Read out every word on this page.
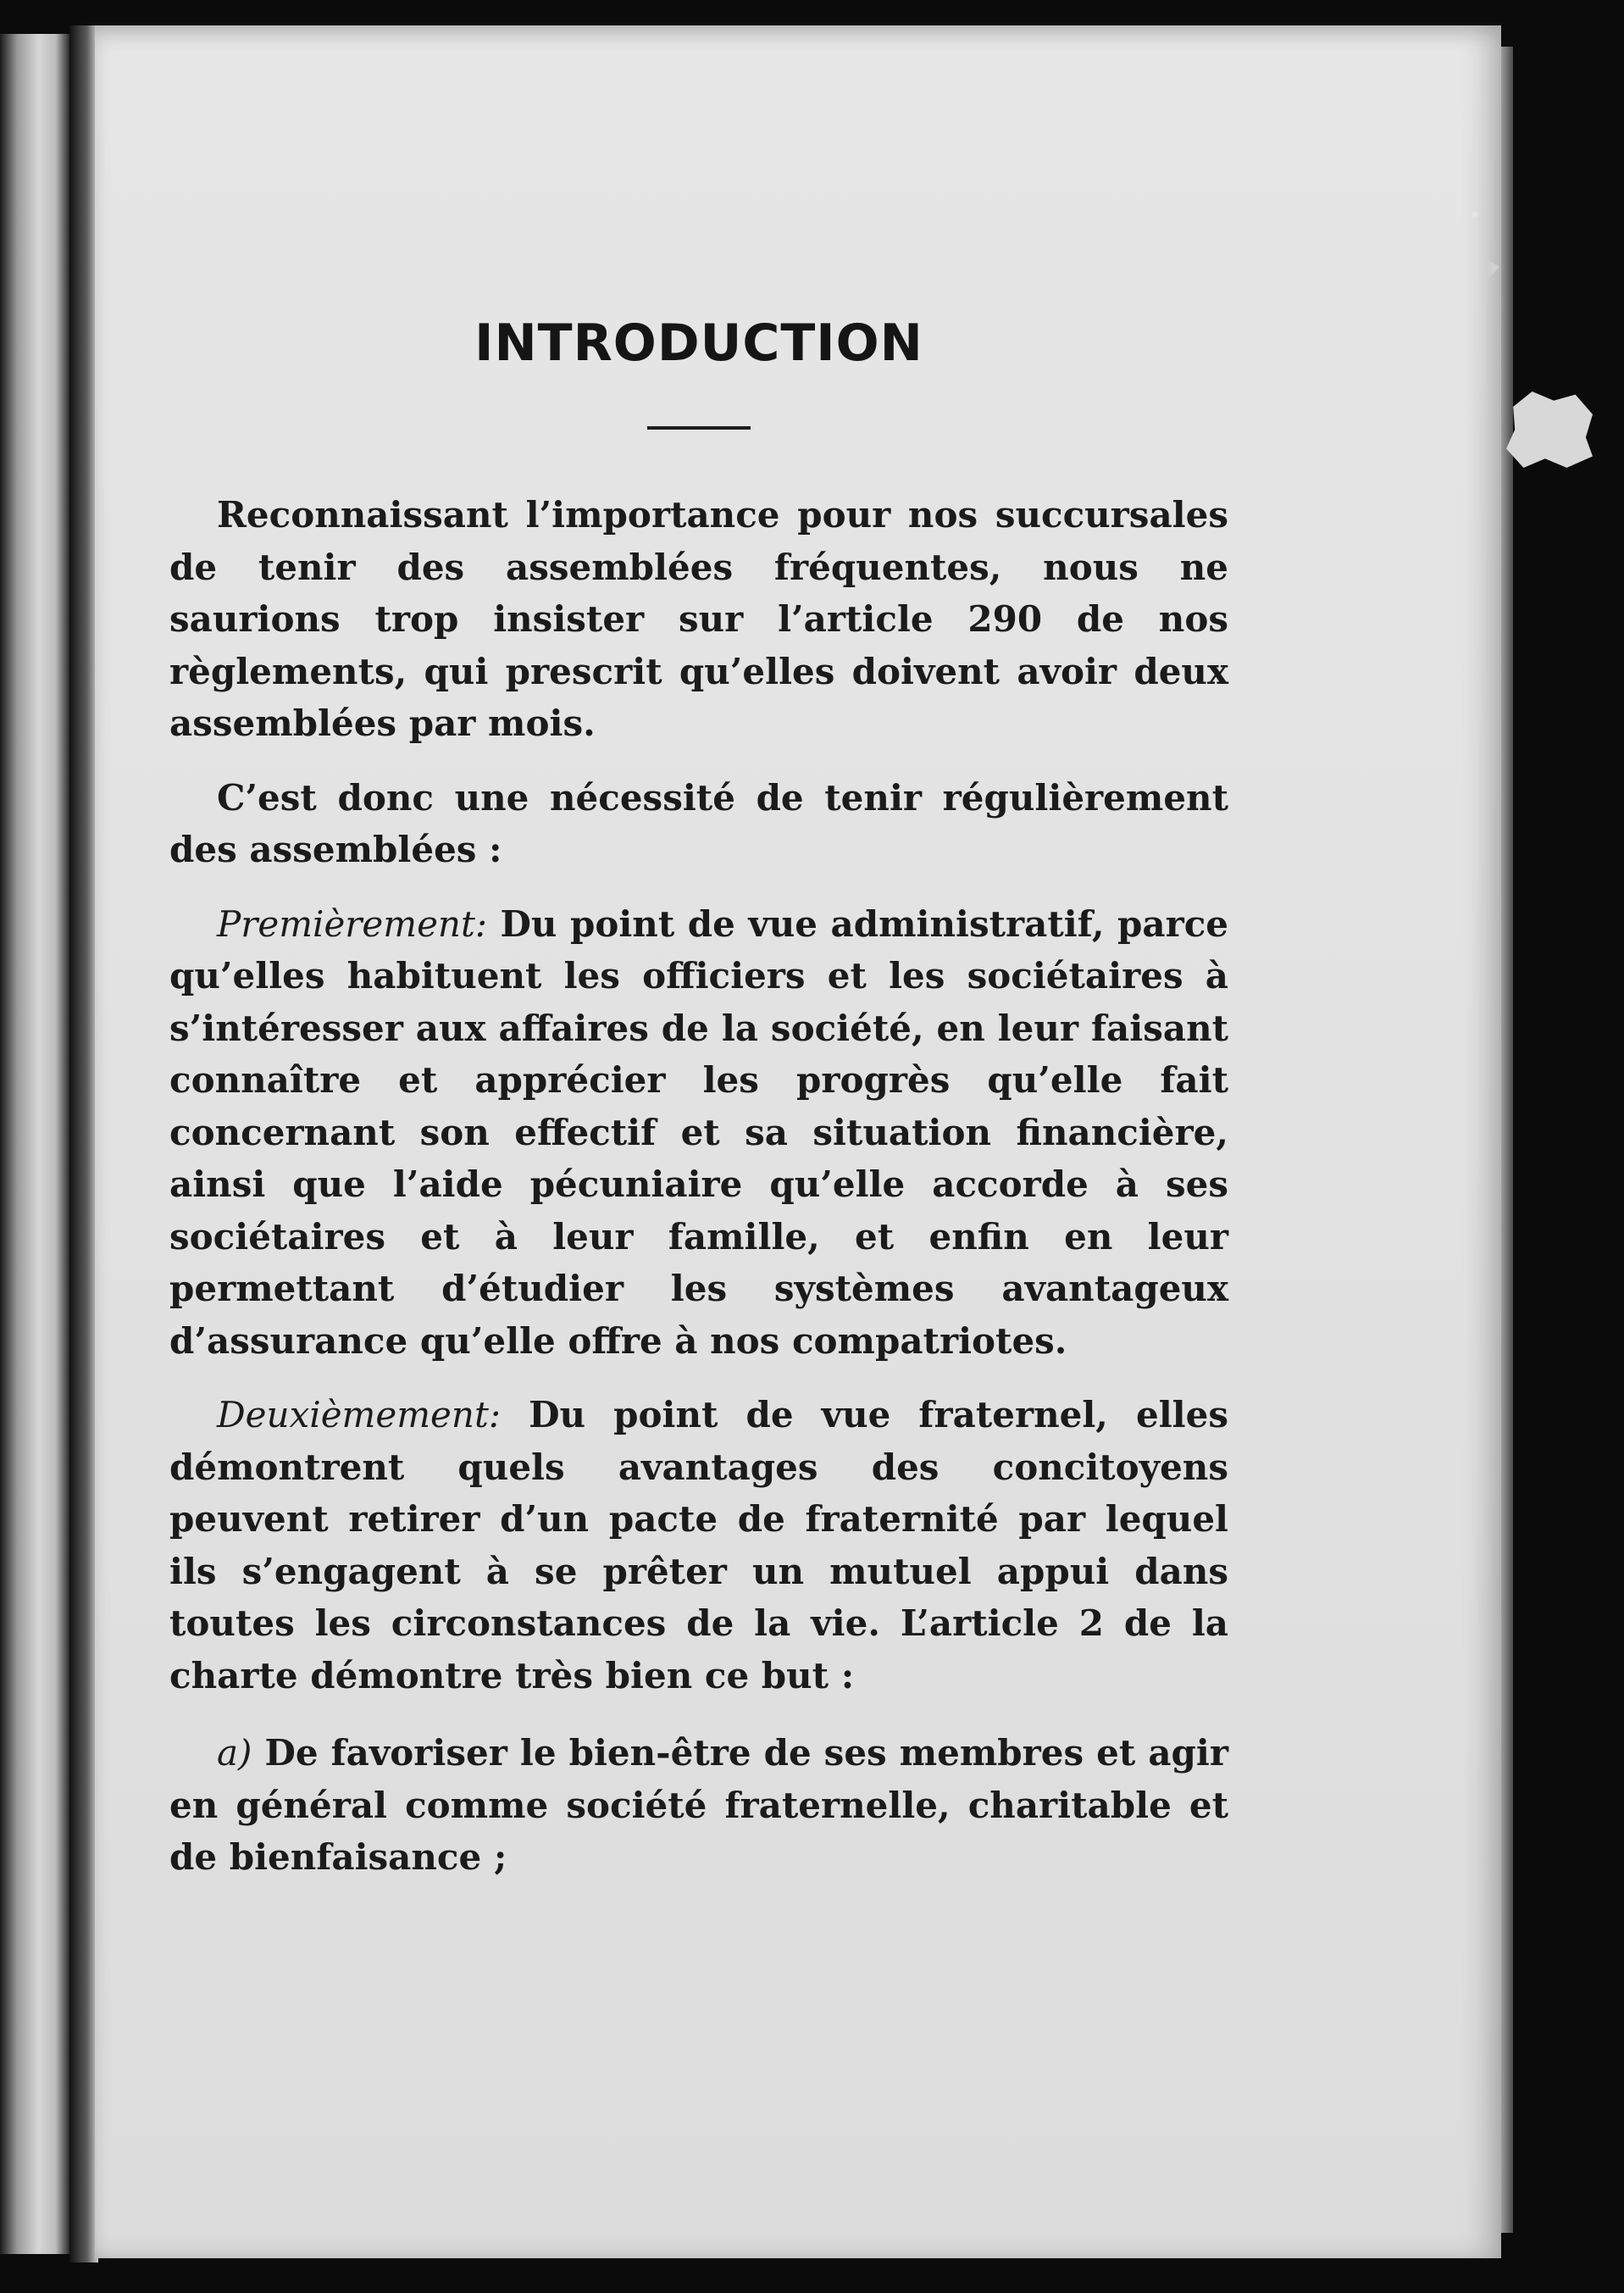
INTRODUCTION

Reconnaissant l’importance pour nos succursales de tenir des assemblées fréquentes, nous ne saurions trop insister sur l’article 290 de nos règlements, qui prescrit qu’elles doivent avoir deux assemblées par mois.

C’est donc une nécessité de tenir régulièrement des assemblées :

Premièrement: Du point de vue administratif, parce qu’elles habituent les officiers et les sociétaires à s’intéresser aux affaires de la société, en leur faisant connaître et apprécier les progrès qu’elle fait concernant son effectif et sa situation financière, ainsi que l’aide pécuniaire qu’elle accorde à ses sociétaires et à leur famille, et enfin en leur permettant d’étudier les systèmes avantageux d’assurance qu’elle offre à nos compatriotes.

Deuxièmement: Du point de vue fraternel, elles démontrent quels avantages des concitoyens peuvent retirer d’un pacte de fraternité par lequel ils s’engagent à se prêter un mutuel appui dans toutes les circonstances de la vie. L’article 2 de la charte démontre très bien ce but :

a) De favoriser le bien-être de ses membres et agir en général comme société fraternelle, charitable et de bienfaisance ;
